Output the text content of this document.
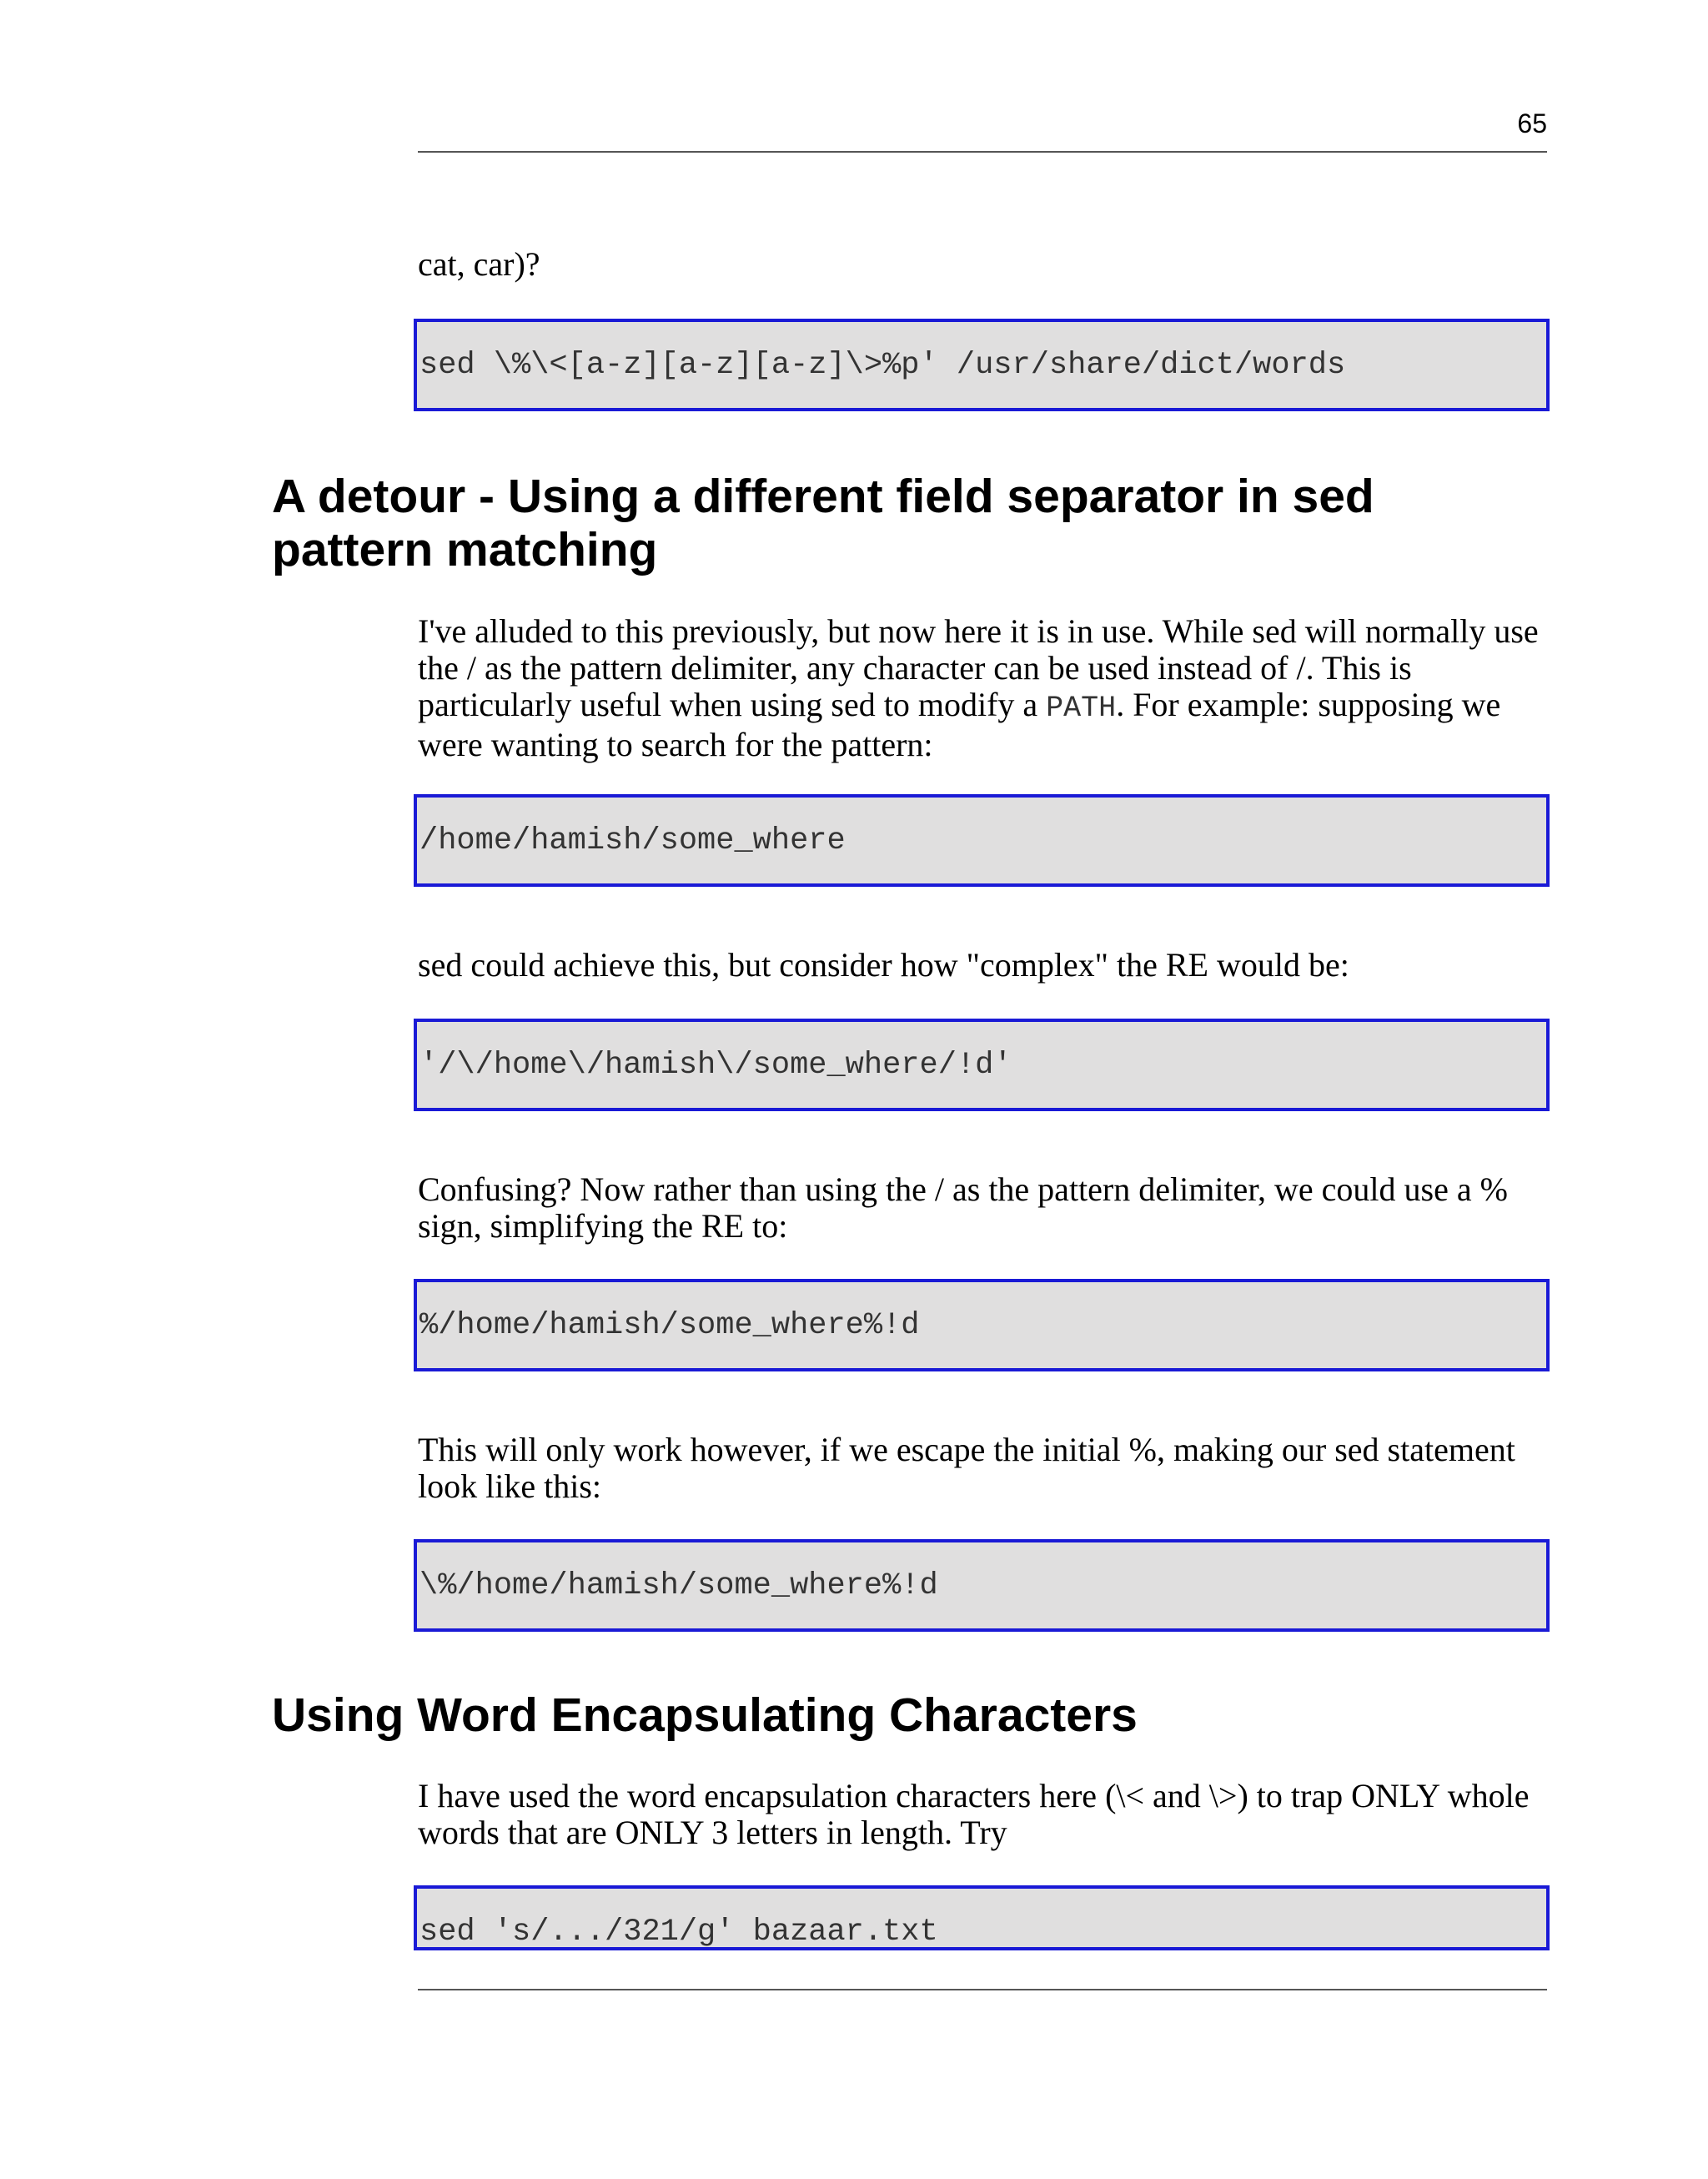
65

cat, car)?

sed \%\<[a-z][a-z][a-z]\>%p' /usr/share/dict/words
A detour - Using a different field separator in sed
pattern matching

I've alluded to this previously, but now here it is in use. While sed will normally use the / as the pattern delimiter, any character can be used instead of /. This is particularly useful when using sed to modify a PATH. For example: supposing we were wanting to search for the pattern:

/home/hamish/some_where

sed could achieve this, but consider how "complex" the RE would be:

'/\/home\/hamish\/some_where/!d'

Confusing? Now rather than using the / as the pattern delimiter, we could use a % sign, simplifying the RE to:

%/home/hamish/some_where%!d

This will only work however, if we escape the initial %, making our sed statement look like this:

\%/home/hamish/some_where%!d
Using Word Encapsulating Characters

I have used the word encapsulation characters here (\< and \>) to trap ONLY whole words that are ONLY 3 letters in length. Try

sed 's/.../321/g' bazaar.txt
